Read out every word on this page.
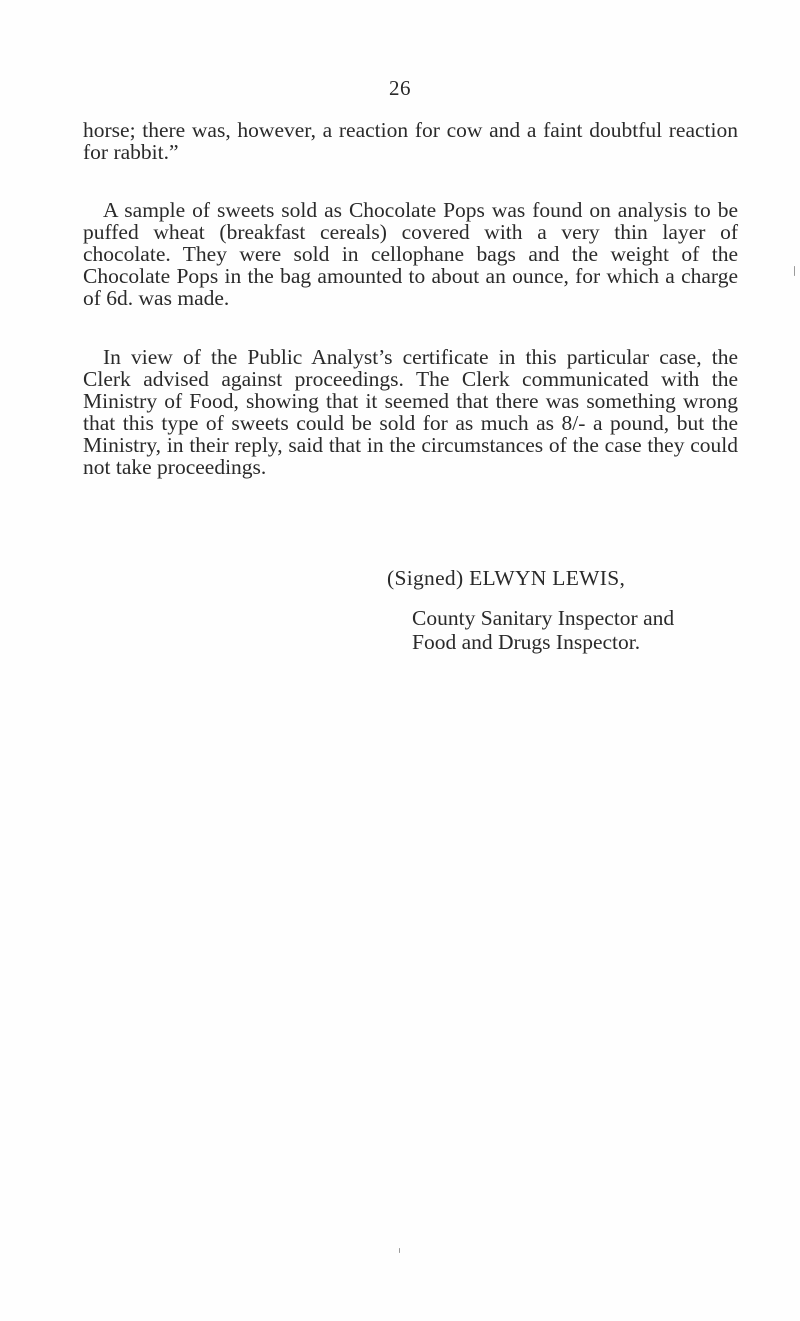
26

horse; there was, however, a reaction for cow and a faint doubtful reaction for rabbit.”

A sample of sweets sold as Chocolate Pops was found on analysis to be puffed wheat (breakfast cereals) covered with a very thin layer of chocolate. They were sold in cellophane bags and the weight of the Chocolate Pops in the bag amounted to about an ounce, for which a charge of 6d. was made.

In view of the Public Analyst’s certificate in this particular case, the Clerk advised against proceedings. The Clerk communicated with the Ministry of Food, showing that it seemed that there was something wrong that this type of sweets could be sold for as much as 8/- a pound, but the Ministry, in their reply, said that in the circumstances of the case they could not take proceedings.

(Signed) ELWYN LEWIS,
County Sanitary Inspector and
Food and Drugs Inspector.
